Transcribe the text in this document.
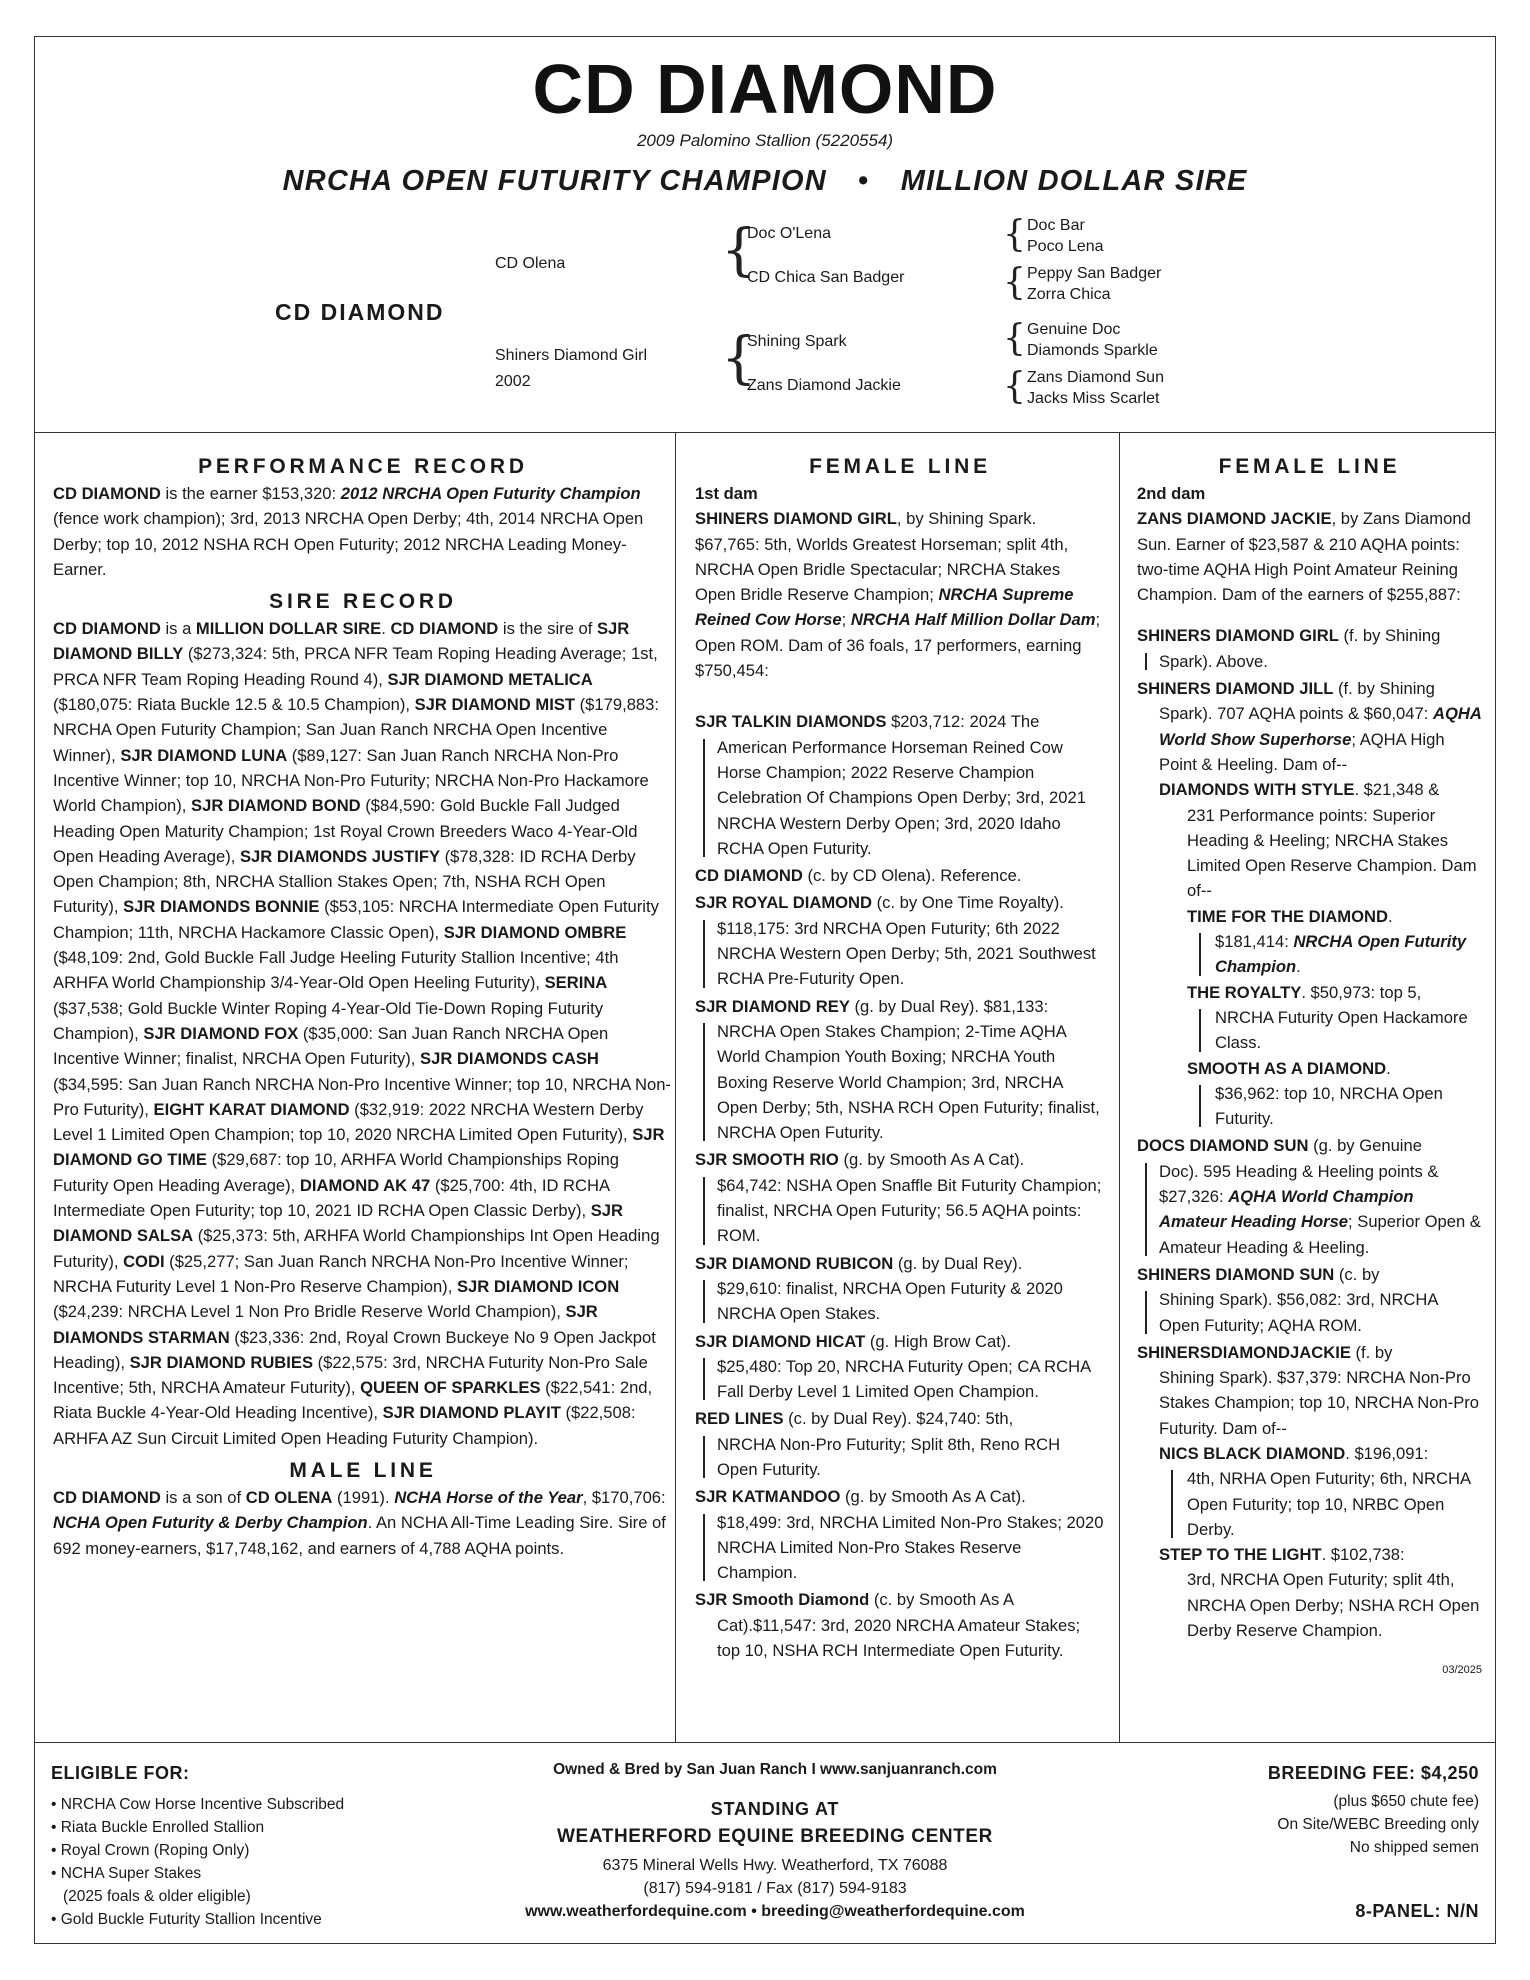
CD DIAMOND
2009 Palomino Stallion (5220554)
NRCHA OPEN FUTURITY CHAMPION • MILLION DOLLAR SIRE
CD DIAMOND
CD Olena
Shiners Diamond Girl
2002
{
Doc O'Lena
CD Chica San Badger
{
Shining Spark
Zans Diamond Jackie
{ Doc Bar
Poco Lena
{ Peppy San Badger
Zorra Chica
{ Genuine Doc
Diamonds Sparkle
{ Zans Diamond Sun
Jacks Miss Scarlet
PERFORMANCE RECORD

CD DIAMOND is the earner $153,320: 2012 NRCHA Open Futurity Champion (fence work champion); 3rd, 2013 NRCHA Open Derby; 4th, 2014 NRCHA Open Derby; top 10, 2012 NSHA RCH Open Futurity; 2012 NRCHA Leading Money-Earner.

SIRE RECORD

CD DIAMOND is a MILLION DOLLAR SIRE. CD DIAMOND is the sire of SJR DIAMOND BILLY ($273,324: 5th, PRCA NFR Team Roping Heading Average; 1st, PRCA NFR Team Roping Heading Round 4), SJR DIAMOND METALICA ($180,075: Riata Buckle 12.5 & 10.5 Champion), SJR DIAMOND MIST ($179,883: NRCHA Open Futurity Champion; San Juan Ranch NRCHA Open Incentive Winner), SJR DIAMOND LUNA ($89,127: San Juan Ranch NRCHA Non-Pro Incentive Winner; top 10, NRCHA Non-Pro Futurity; NRCHA Non-Pro Hackamore World Champion), SJR DIAMOND BOND ($84,590: Gold Buckle Fall Judged Heading Open Maturity Champion; 1st Royal Crown Breeders Waco 4-Year-Old Open Heading Average), SJR DIAMONDS JUSTIFY ($78,328: ID RCHA Derby Open Champion; 8th, NRCHA Stallion Stakes Open; 7th, NSHA RCH Open Futurity), SJR DIAMONDS BONNIE ($53,105: NRCHA Intermediate Open Futurity Champion; 11th, NRCHA Hackamore Classic Open), SJR DIAMOND OMBRE ($48,109: 2nd, Gold Buckle Fall Judge Heeling Futurity Stallion Incentive; 4th ARHFA World Championship 3/4-Year-Old Open Heeling Futurity), SERINA ($37,538; Gold Buckle Winter Roping 4-Year-Old Tie-Down Roping Futurity Champion), SJR DIAMOND FOX ($35,000: San Juan Ranch NRCHA Open Incentive Winner; finalist, NRCHA Open Futurity), SJR DIAMONDS CASH ($34,595: San Juan Ranch NRCHA Non-Pro Incentive Winner; top 10, NRCHA Non-Pro Futurity), EIGHT KARAT DIAMOND ($32,919: 2022 NRCHA Western Derby Level 1 Limited Open Champion; top 10, 2020 NRCHA Limited Open Futurity), SJR DIAMOND GO TIME ($29,687: top 10, ARHFA World Championships Roping Futurity Open Heading Average), DIAMOND AK 47 ($25,700: 4th, ID RCHA Intermediate Open Futurity; top 10, 2021 ID RCHA Open Classic Derby), SJR DIAMOND SALSA ($25,373: 5th, ARHFA World Championships Int Open Heading Futurity), CODI ($25,277; San Juan Ranch NRCHA Non-Pro Incentive Winner; NRCHA Futurity Level 1 Non-Pro Reserve Champion), SJR DIAMOND ICON ($24,239: NRCHA Level 1 Non Pro Bridle Reserve World Champion), SJR DIAMONDS STARMAN ($23,336: 2nd, Royal Crown Buckeye No 9 Open Jackpot Heading), SJR DIAMOND RUBIES ($22,575: 3rd, NRCHA Futurity Non-Pro Sale Incentive; 5th, NRCHA Amateur Futurity), QUEEN OF SPARKLES ($22,541: 2nd, Riata Buckle 4-Year-Old Heading Incentive), SJR DIAMOND PLAYIT ($22,508: ARHFA AZ Sun Circuit Limited Open Heading Futurity Champion).

MALE LINE

CD DIAMOND is a son of CD OLENA (1991). NCHA Horse of the Year, $170,706: NCHA Open Futurity & Derby Champion. An NCHA All-Time Leading Sire. Sire of 692 money-earners, $17,748,162, and earners of 4,788 AQHA points.

FEMALE LINE
1st dam

SHINERS DIAMOND GIRL, by Shining Spark. $67,765: 5th, Worlds Greatest Horseman; split 4th, NRCHA Open Bridle Spectacular; NRCHA Stakes Open Bridle Reserve Champion; NRCHA Supreme Reined Cow Horse; NRCHA Half Million Dollar Dam; Open ROM. Dam of 36 foals, 17 performers, earning $750,454:

SJR TALKIN DIAMONDS $203,712: 2024 The
American Performance Horseman Reined Cow Horse Champion; 2022 Reserve Champion Celebration Of Champions Open Derby; 3rd, 2021 NRCHA Western Derby Open; 3rd, 2020 Idaho RCHA Open Futurity.
CD DIAMOND (c. by CD Olena). Reference.
SJR ROYAL DIAMOND (c. by One Time Royalty).
$118,175: 3rd NRCHA Open Futurity; 6th 2022 NRCHA Western Open Derby; 5th, 2021 Southwest RCHA Pre-Futurity Open.
SJR DIAMOND REY (g. by Dual Rey). $81,133:
NRCHA Open Stakes Champion; 2-Time AQHA World Champion Youth Boxing; NRCHA Youth Boxing Reserve World Champion; 3rd, NRCHA Open Derby; 5th, NSHA RCH Open Futurity; finalist, NRCHA Open Futurity.
SJR SMOOTH RIO (g. by Smooth As A Cat).
$64,742: NSHA Open Snaffle Bit Futurity Champion; finalist, NRCHA Open Futurity; 56.5 AQHA points: ROM.
SJR DIAMOND RUBICON (g. by Dual Rey).
$29,610: finalist, NRCHA Open Futurity & 2020 NRCHA Open Stakes.
SJR DIAMOND HICAT (g. High Brow Cat).
$25,480: Top 20, NRCHA Futurity Open; CA RCHA Fall Derby Level 1 Limited Open Champion.
RED LINES (c. by Dual Rey). $24,740: 5th,
NRCHA Non-Pro Futurity; Split 8th, Reno RCH Open Futurity.
SJR KATMANDOO (g. by Smooth As A Cat).
$18,499: 3rd, NRCHA Limited Non-Pro Stakes; 2020 NRCHA Limited Non-Pro Stakes Reserve Champion.
SJR Smooth Diamond (c. by Smooth As A
Cat).$11,547: 3rd, 2020 NRCHA Amateur Stakes; top 10, NSHA RCH Intermediate Open Futurity.
FEMALE LINE
2nd dam

ZANS DIAMOND JACKIE, by Zans Diamond Sun. Earner of $23,587 & 210 AQHA points: two-time AQHA High Point Amateur Reining Champion. Dam of the earners of $255,887:

SHINERS DIAMOND GIRL (f. by Shining
Spark). Above.
SHINERS DIAMOND JILL (f. by Shining
Spark). 707 AQHA points & $60,047: AQHA World Show Superhorse; AQHA High Point & Heeling. Dam of--
DIAMONDS WITH STYLE. $21,348 &
231 Performance points: Superior Heading & Heeling; NRCHA Stakes Limited Open Reserve Champion. Dam of--
TIME FOR THE DIAMOND.
$181,414: NRCHA Open Futurity Champion.
THE ROYALTY. $50,973: top 5,
NRCHA Futurity Open Hackamore Class.
SMOOTH AS A DIAMOND.
$36,962: top 10, NRCHA Open Futurity.
DOCS DIAMOND SUN (g. by Genuine
Doc). 595 Heading & Heeling points & $27,326: AQHA World Champion Amateur Heading Horse; Superior Open & Amateur Heading & Heeling.
SHINERS DIAMOND SUN (c. by
Shining Spark). $56,082: 3rd, NRCHA Open Futurity; AQHA ROM.
SHINERSDIAMONDJACKIE (f. by
Shining Spark). $37,379: NRCHA Non-Pro Stakes Champion; top 10, NRCHA Non-Pro Futurity. Dam of--
NICS BLACK DIAMOND. $196,091:
4th, NRHA Open Futurity; 6th, NRCHA Open Futurity; top 10, NRBC Open Derby.
STEP TO THE LIGHT. $102,738:
3rd, NRCHA Open Futurity; split 4th, NRCHA Open Derby; NSHA RCH Open Derby Reserve Champion.
03/2025
ELIGIBLE FOR:
• NRCHA Cow Horse Incentive Subscribed
• Riata Buckle Enrolled Stallion
• Royal Crown (Roping Only)
• NCHA Super Stakes
(2025 foals & older eligible)
• Gold Buckle Futurity Stallion Incentive
Owned & Bred by San Juan Ranch I www.sanjuanranch.com
STANDING AT
WEATHERFORD EQUINE BREEDING CENTER
6375 Mineral Wells Hwy. Weatherford, TX 76088
(817) 594-9181 / Fax (817) 594-9183
www.weatherfordequine.com • breeding@weatherfordequine.com
BREEDING FEE: $4,250
(plus $650 chute fee)
On Site/WEBC Breeding only
No shipped semen
8-PANEL: N/N
